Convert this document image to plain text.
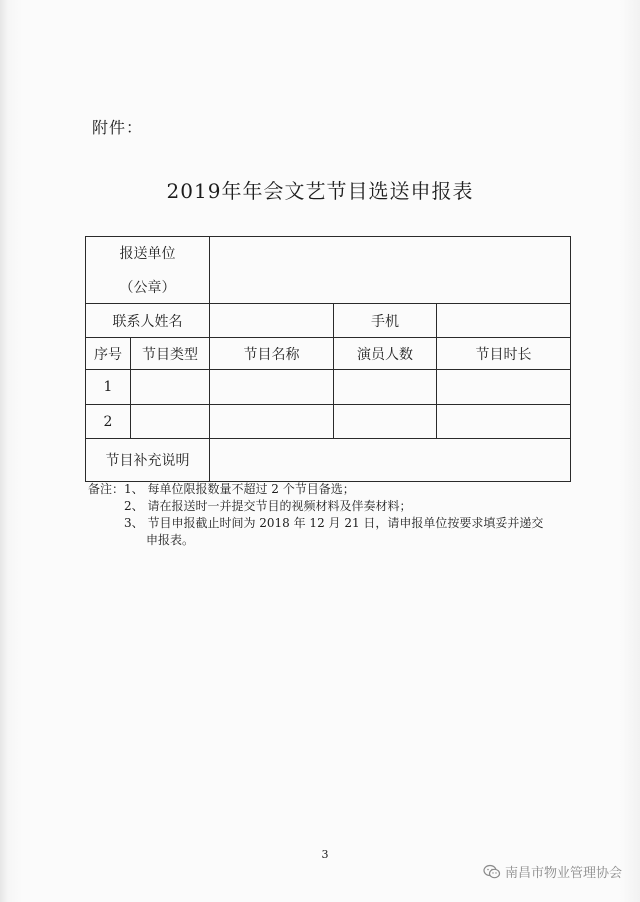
附件：
2019年年会文艺节目选送申报表
报送单位
（公章）				

联系人姓名			手机	
序号	节目类型	节目名称	演员人数	节目时长
1				
2				
节目补充说明				
备注：1、 每单位限报数量不超过 2 个节目备选；
2、 请在报送时一并提交节目的视频材料及伴奏材料；
3、 节目申报截止时间为 2018 年 12 月 21 日，请申报单位按要求填妥并递交
申报表。
3
南昌市物业管理协会
